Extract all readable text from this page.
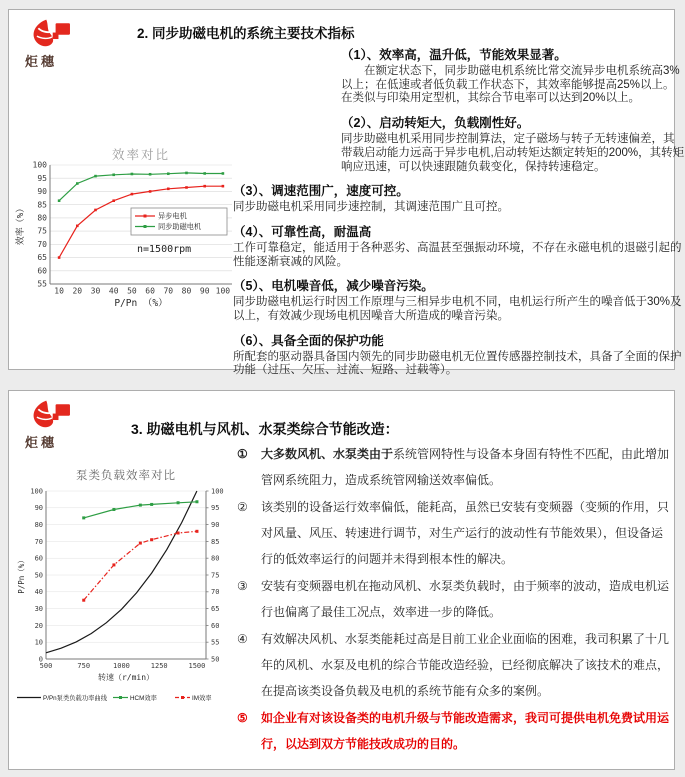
炬穗
2. 同步助磁电机的系统主要技术指标
效率对比
55
60
65
70
75
80
85
90
95
100
10 20 30 40 50 60 70 80 90 100
P/Pn （%）
效率（%）	异步电机
同步助磁电机
n=1500rpm

（1）、效率高，温升低，节能效果显著。

在额定状态下，同步助磁电机系统比常交流异步电机系统高3%以上；在低速或者低负载工作状态下，其效率能够提高25%以上。在类似与印染用定型机，其综合节电率可以达到20%以上。

（2）、启动转矩大，负载刚性好。

同步助磁电机采用同步控制算法，定子磁场与转子无转速偏差，其带载启动能力远高于异步电机,启动转矩达额定转矩的200%，其转矩响应迅速，可以快速跟随负载变化，保持转速稳定。

（3）、调速范围广，速度可控。

同步助磁电机采用同步速控制，其调速范围广且可控。

（4）、可靠性高，耐温高

工作可靠稳定，能适用于各种恶劣、高温甚至强振动环境，不存在永磁电机的退磁引起的性能逐渐衰减的风险。

（5）、电机噪音低，减少噪音污染。

同步助磁电机运行时因工作原理与三相异步电机不同，电机运行所产生的噪音低于30%及以上，有效减少现场电机因噪音大所造成的噪音污染。

（6）、具备全面的保护功能

所配套的驱动器具备国内领先的同步助磁电机无位置传感器控制技术，具备了全面的保护功能（过压、欠压、过流、短路、过载等）。

炬穗
3. 助磁电机与风机、水泵类综合节能改造：
泵类负载效率对比
0
10
20
30
40
50
60
70
80
90
100
50
55
60
65
70
75
80
85
90
95
100
500	750	1000	1250	1500
转速（r/min）
P/Pn（%）
P/Pn泵类负载功率曲线	HCM效率	IM效率
① 大多数风机、水泵类由于系统管网特性与设备本身固有特性不匹配，由此增加管网系统阻力，造成系统管网输送效率偏低。
② 该类别的设备运行效率偏低，能耗高，虽然已安装有变频器（变频的作用，只对风量、风压、转速进行调节，对生产运行的波动性有节能效果），但设备运行的低效率运行的问题并未得到根本性的解决。
③ 安装有变频器电机在拖动风机、水泵类负载时，由于频率的波动，造成电机运行也偏离了最佳工况点，效率进一步的降低。
④ 有效解决风机、水泵类能耗过高是目前工业企业面临的困难，我司积累了十几年的风机、水泵及电机的综合节能改造经验，已经彻底解决了该技术的难点，在提高该类设备负载及电机的系统节能有众多的案例。
⑤ 如企业有对该设备类的电机升级与节能改造需求，我司可提供电机免费试用运行，以达到双方节能技改成功的目的。
